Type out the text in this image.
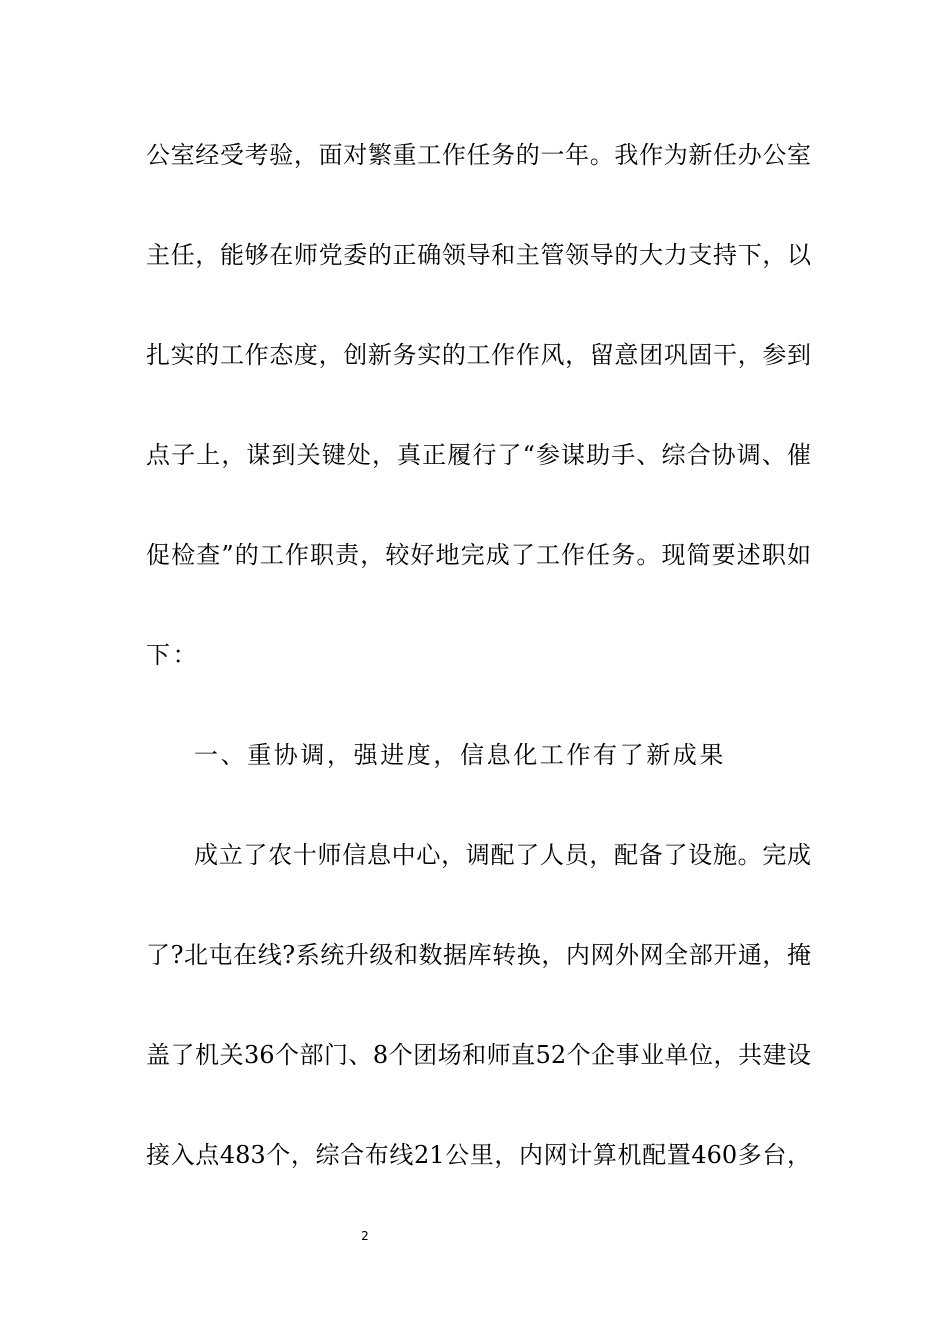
公室经受考验，面对繁重工作任务的一年。我作为新任办公室
主任，能够在师党委的正确领导和主管领导的大力支持下，以
扎实的工作态度，创新务实的工作作风，留意团巩固干，参到
点子上，谋到关键处，真正履行了“参谋助手、综合协调、催
促检查”的工作职责，较好地完成了工作任务。现简要述职如
下：
一、重协调，强进度，信息化工作有了新成果
成立了农十师信息中心，调配了人员，配备了设施。完成
了?北屯在线?系统升级和数据库转换，内网外网全部开通，掩
盖了机关36个部门、8个团场和师直52个企事业单位，共建设
接入点483个，综合布线21公里，内网计算机配置460多台，
2
